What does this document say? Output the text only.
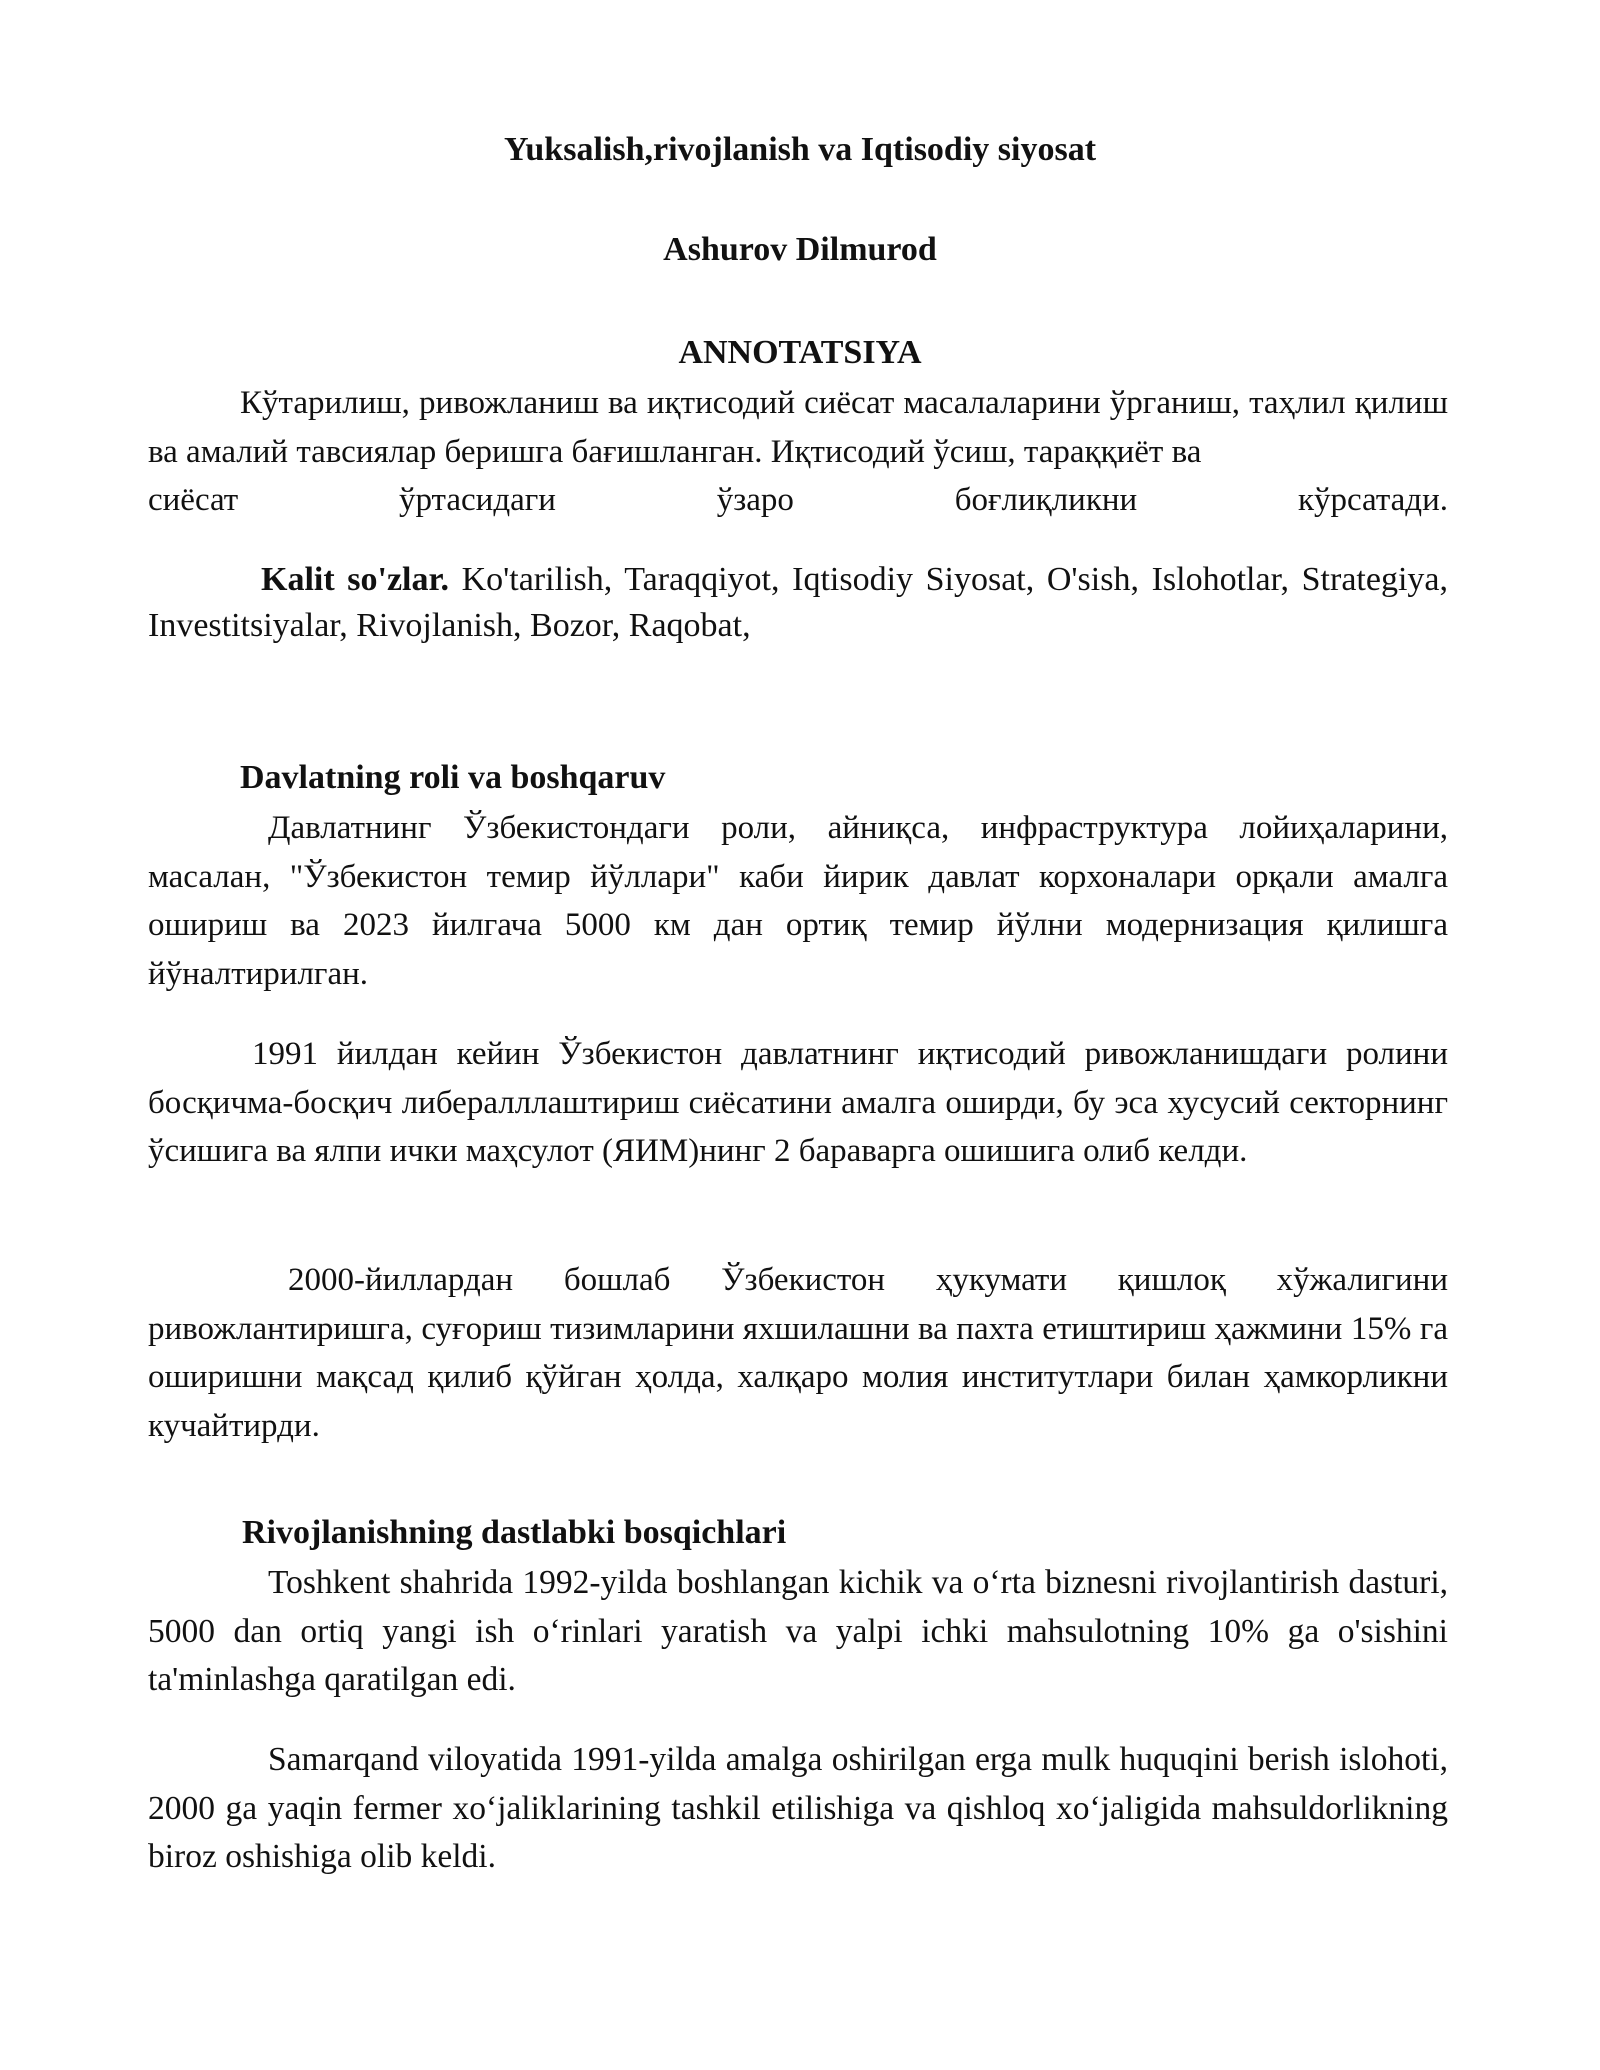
Yuksalish,rivojlanish va Iqtisodiy siyosat
Ashurov Dilmurod
ANNOTATSIYA
Кўтарилиш, ривожланиш ва иқтисодий сиёсат масалаларини ўрганиш, таҳлил қилиш ва амалий тавсиялар беришга бағишланган. Иқтисодий ўсиш, тараққиёт ва
сиёсат ўртасидаги ўзаро боғлиқликни кўрсатади.

Kalit so'zlar. Ko'tarilish, Taraqqiyot, Iqtisodiy Siyosat, O'sish, Islohotlar, Strategiya, Investitsiyalar, Rivojlanish, Bozor, Raqobat,

Davlatning roli va boshqaruv

Давлатнинг Ўзбекистондаги роли, айниқса, инфраструктура лойиҳаларини, масалан, "Ўзбекистон темир йўллари" каби йирик давлат корхоналари орқали амалга ошириш ва 2023 йилгача 5000 км дан ортиқ темир йўлни модернизация қилишга йўналтирилган.

1991 йилдан кейин Ўзбекистон давлатнинг иқтисодий ривожланишдаги ролини босқичма-босқич либералллаштириш сиёсатини амалга оширди, бу эса хусусий секторнинг ўсишига ва ялпи ички маҳсулот (ЯИМ)нинг 2 бараварга ошишига олиб келди.

2000-йиллардан бошлаб Ўзбекистон ҳукумати қишлоқ хўжалигини ривожлантиришга, суғориш тизимларини яхшилашни ва пахта етиштириш ҳажмини 15% га оширишни мақсад қилиб қўйган ҳолда, халқаро молия институтлари билан ҳамкорликни кучайтирди.

Rivojlanishning dastlabki bosqichlari

Toshkent shahrida 1992-yilda boshlangan kichik va oʻrta biznesni rivojlantirish dasturi, 5000 dan ortiq yangi ish oʻrinlari yaratish va yalpi ichki mahsulotning 10% ga o'sishini ta'minlashga qaratilgan edi.

Samarqand viloyatida 1991-yilda amalga oshirilgan erga mulk huquqini berish islohoti, 2000 ga yaqin fermer xoʻjaliklarining tashkil etilishiga va qishloq xoʻjaligida mahsuldorlikning biroz oshishiga olib keldi.
